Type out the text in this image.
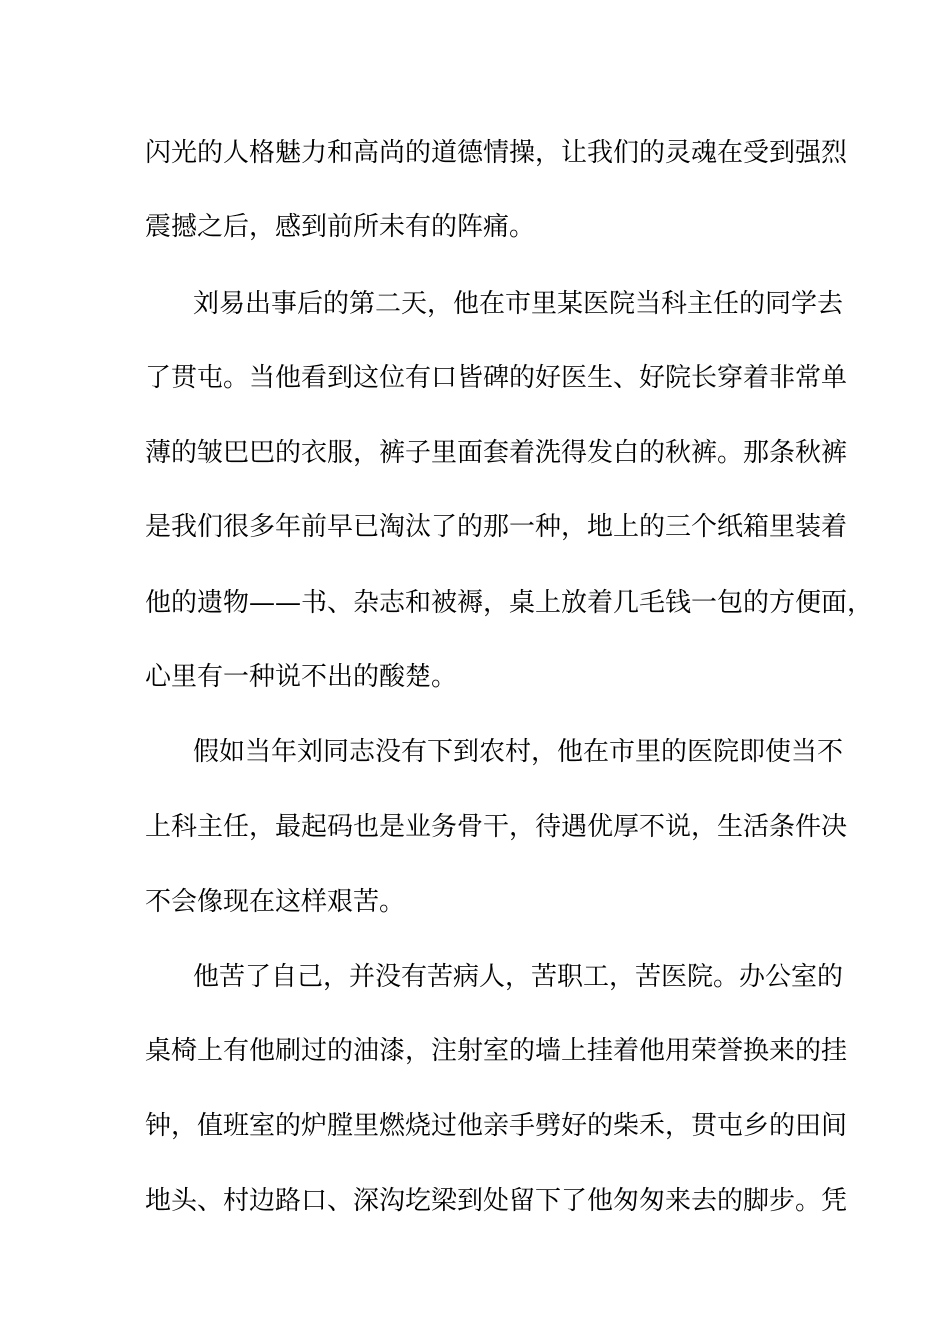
闪光的人格魅力和高尚的道德情操，让我们的灵魂在受到强烈
震撼之后，感到前所未有的阵痛。
刘易出事后的第二天，他在市里某医院当科主任的同学去
了贯屯。当他看到这位有口皆碑的好医生、好院长穿着非常单
薄的皱巴巴的衣服，裤子里面套着洗得发白的秋裤。那条秋裤
是我们很多年前早已淘汰了的那一种，地上的三个纸箱里装着
他的遗物——书、杂志和被褥，桌上放着几毛钱一包的方便面，
心里有一种说不出的酸楚。
假如当年刘同志没有下到农村，他在市里的医院即使当不
上科主任，最起码也是业务骨干，待遇优厚不说，生活条件决
不会像现在这样艰苦。
他苦了自己，并没有苦病人，苦职工，苦医院。办公室的
桌椅上有他刷过的油漆，注射室的墙上挂着他用荣誉换来的挂
钟，值班室的炉膛里燃烧过他亲手劈好的柴禾，贯屯乡的田间
地头、村边路口、深沟圪梁到处留下了他匆匆来去的脚步。凭
